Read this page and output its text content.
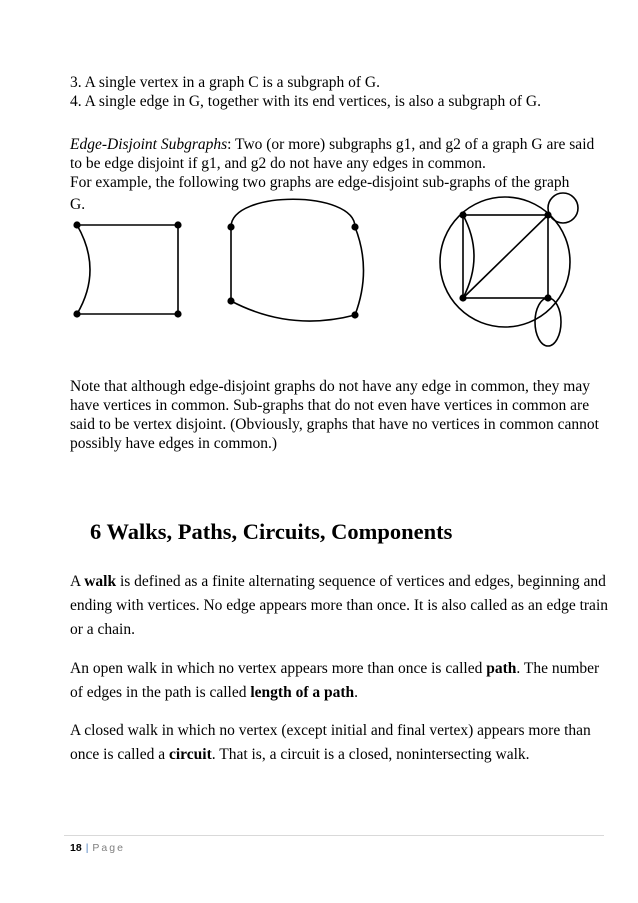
3. A single vertex in a graph C is a subgraph of G.

4. A single edge in G, together with its end vertices, is also a subgraph of G.

Edge-Disjoint Subgraphs: Two (or more) subgraphs g1, and g2 of a graph G are said to be edge disjoint if g1, and g2 do not have any edges in common.

For example, the following two graphs are edge-disjoint sub-graphs of the graph

G.

Note that although edge-disjoint graphs do not have any edge in common, they may have vertices in common. Sub-graphs that do not even have vertices in common are said to be vertex disjoint. (Obviously, graphs that have no vertices in common cannot possibly have edges in common.)

6 Walks, Paths, Circuits, Components

A walk is defined as a finite alternating sequence of vertices and edges, beginning and ending with vertices. No edge appears more than once. It is also called as an edge train or a chain.

An open walk in which no vertex appears more than once is called path. The number of edges in the path is called length of a path.

A closed walk in which no vertex (except initial and final vertex) appears more than once is called a circuit. That is, a circuit is a closed, nonintersecting walk.

18 | Page
